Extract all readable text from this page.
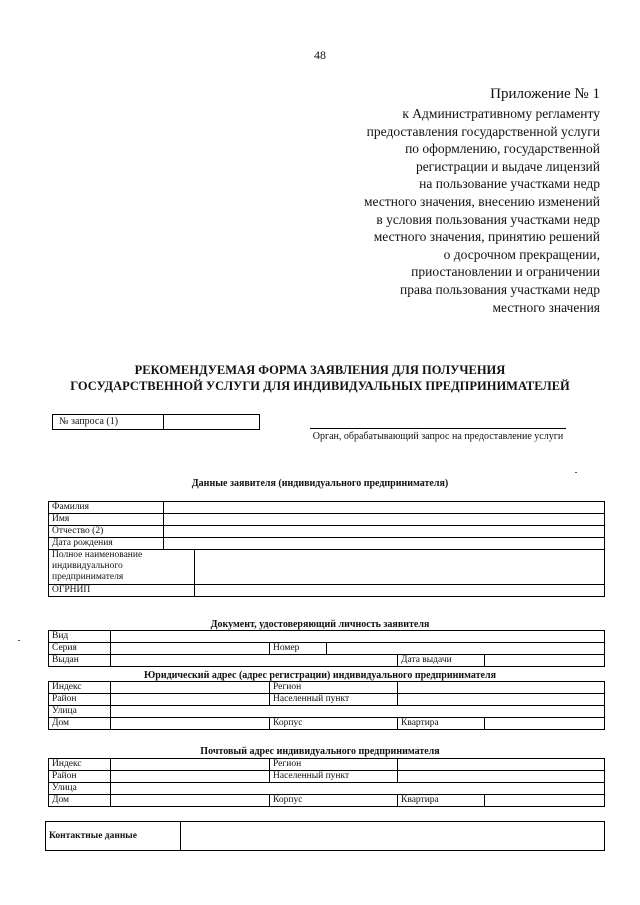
48
Приложение № 1
к Административному регламенту
предоставления государственной услуги
по оформлению, государственной
регистрации и выдаче лицензий
на пользование участками недр
местного значения, внесению изменений
в условия пользования участками недр
местного значения, принятию решений
о досрочном прекращении,
приостановлении и ограничении
права пользования участками недр
местного значения
РЕКОМЕНДУЕМАЯ ФОРМА ЗАЯВЛЕНИЯ ДЛЯ ПОЛУЧЕНИЯ
ГОСУДАРСТВЕННОЙ УСЛУГИ ДЛЯ ИНДИВИДУАЛЬНЫХ ПРЕДПРИНИМАТЕЛЕЙ
№ запроса (1)
Орган, обрабатывающий запрос на предоставление услуги
Данные заявителя (индивидуального предпринимателя)
Фамилия		
Имя		
Отчество (2)		
Дата рождения		
Полное наименование индивидуального предпринимателя		
ОГРНИП		
Документ, удостоверяющий личность заявителя
Вид					
Серия		Номер			
Выдан				Дата выдачи	
Юридический адрес (адрес регистрации) индивидуального предпринимателя
Индекс		Регион		
Район		Населенный пункт		
Улица				
Дом		Корпус	Квартира	
Почтовый адрес индивидуального предпринимателя
Индекс		Регион		
Район		Населенный пункт		
Улица				
Дом		Корпус	Квартира	
Контактные данные	
